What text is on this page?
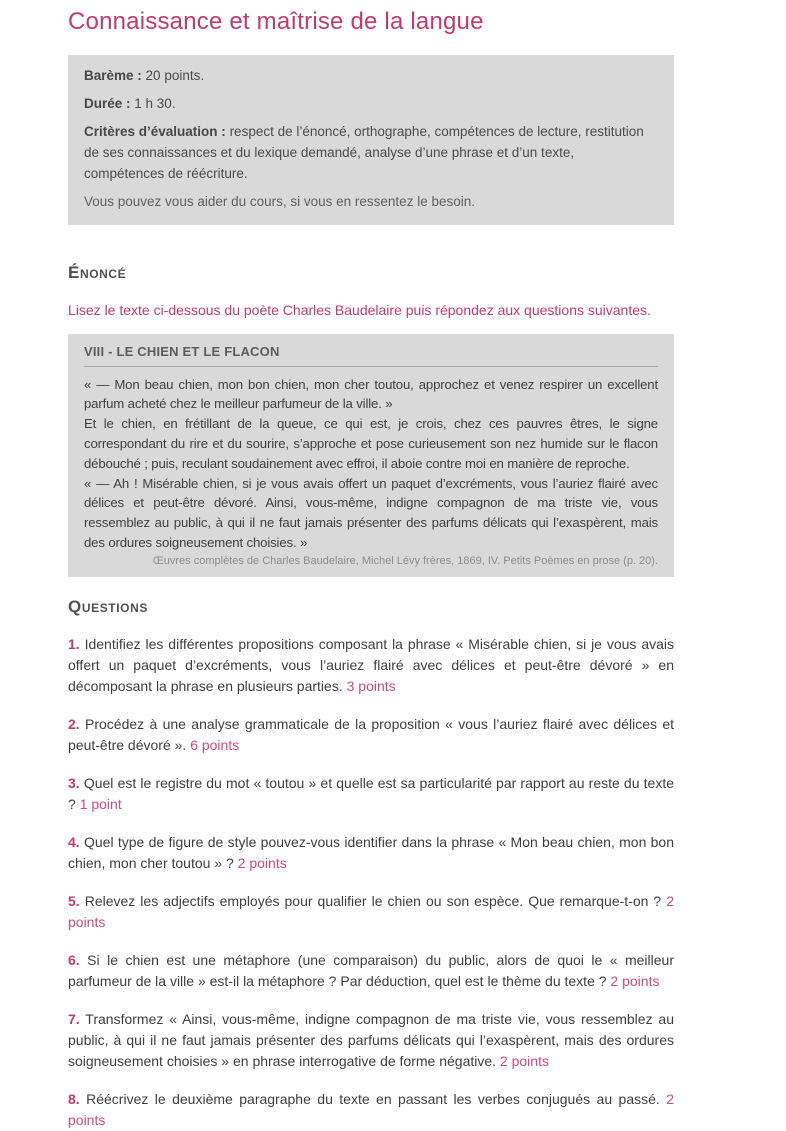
Connaissance et maîtrise de la langue

Barème : 20 points.

Durée : 1 h 30.

Critères d’évaluation : respect de l’énoncé, orthographe, compétences de lecture, restitution de ses connaissances et du lexique demandé, analyse d’une phrase et d’un texte, compétences de réécriture.

Vous pouvez vous aider du cours, si vous en ressentez le besoin.

Énoncé

Lisez le texte ci-dessous du poète Charles Baudelaire puis répondez aux questions suivantes.

VIII - LE CHIEN ET LE FLACON

« — Mon beau chien, mon bon chien, mon cher toutou, approchez et venez respirer un excellent parfum acheté chez le meilleur parfumeur de la ville. »

Et le chien, en frétillant de la queue, ce qui est, je crois, chez ces pauvres êtres, le signe correspondant du rire et du sourire, s’approche et pose curieusement son nez humide sur le flacon débouché ; puis, reculant soudainement avec effroi, il aboie contre moi en manière de reproche.

« — Ah ! Misérable chien, si je vous avais offert un paquet d’excréments, vous l’auriez flairé avec délices et peut-être dévoré. Ainsi, vous-même, indigne compagnon de ma triste vie, vous ressemblez au public, à qui il ne faut jamais présenter des parfums délicats qui l’exaspèrent, mais des ordures soigneusement choisies. »

Œuvres complètes de Charles Baudelaire, Michel Lévy frères, 1869, IV. Petits Poèmes en prose (p. 20).

Questions

1. Identifiez les différentes propositions composant la phrase « Misérable chien, si je vous avais offert un paquet d’excréments, vous l’auriez flairé avec délices et peut-être dévoré » en décomposant la phrase en plusieurs parties. 3 points

2. Procédez à une analyse grammaticale de la proposition « vous l’auriez flairé avec délices et peut-être dévoré ». 6 points

3. Quel est le registre du mot « toutou » et quelle est sa particularité par rapport au reste du texte ? 1 point

4. Quel type de figure de style pouvez-vous identifier dans la phrase « Mon beau chien, mon bon chien, mon cher toutou » ? 2 points

5. Relevez les adjectifs employés pour qualifier le chien ou son espèce. Que remarque-t-on ? 2 points

6. Si le chien est une métaphore (une comparaison) du public, alors de quoi le « meilleur parfumeur de la ville » est-il la métaphore ? Par déduction, quel est le thème du texte ? 2 points

7. Transformez « Ainsi, vous-même, indigne compagnon de ma triste vie, vous ressemblez au public, à qui il ne faut jamais présenter des parfums délicats qui l’exaspèrent, mais des ordures soigneusement choisies » en phrase interrogative de forme négative. 2 points

8. Réécrivez le deuxième paragraphe du texte en passant les verbes conjugués au passé. 2 points
